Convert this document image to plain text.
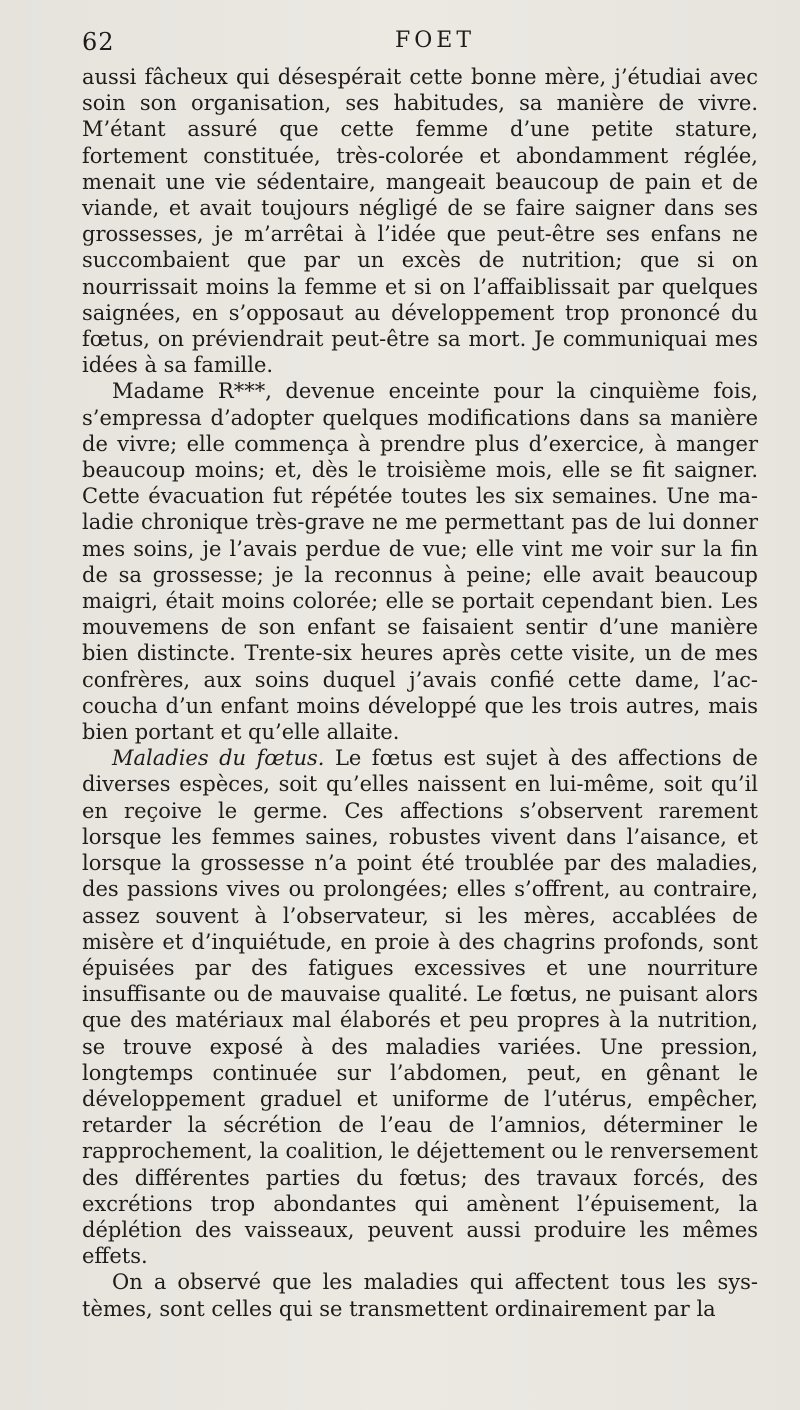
62	FOET

aussi fâcheux qui désespérait cette bonne mère, j’étudiai avec soin son organisation, ses habitudes, sa manière de vivre. M’étant assuré que cette femme d’une petite stature, fortement constituée, très-colorée et abondamment réglée, menait une vie sédentaire, mangeait beaucoup de pain et de viande, et avait toujours négligé de se faire saigner dans ses grossesses, je m’arrêtai à l’idée que peut-être ses enfans ne succombaient que par un excès de nutrition; que si on nourrissait moins la femme et si on l’affaiblissait par quelques saignées, en s’opposaut au développement trop prononcé du fœtus, on préviendrait peut-être sa mort. Je communiquai mes idées à sa famille.

Madame R***, devenue enceinte pour la cinquième fois, s’empressa d’adopter quelques modifications dans sa manière de vivre; elle commença à prendre plus d’exercice, à manger beaucoup moins; et, dès le troisième mois, elle se fit saigner. Cette évacuation fut répétée toutes les six semaines. Une maladie chronique très-grave ne me permettant pas de lui donner mes soins, je l’avais perdue de vue; elle vint me voir sur la fin de sa grossesse; je la reconnus à peine; elle avait beaucoup maigri, était moins colorée; elle se portait cependant bien. Les mouvemens de son enfant se faisaient sentir d’une manière bien distincte. Trente-six heures après cette visite, un de mes confrères, aux soins duquel j’avais confié cette dame, l’accoucha d’un enfant moins développé que les trois autres, mais bien portant et qu’elle allaite.

Maladies du fœtus. Le fœtus est sujet à des affections de diverses espèces, soit qu’elles naissent en lui-même, soit qu’il en reçoive le germe. Ces affections s’observent rarement lorsque les femmes saines, robustes vivent dans l’aisance, et lorsque la grossesse n’a point été troublée par des maladies, des passions vives ou prolongées; elles s’offrent, au contraire, assez souvent à l’observateur, si les mères, accablées de misère et d’inquiétude, en proie à des chagrins profonds, sont épuisées par des fatigues excessives et une nourriture insuffisante ou de mauvaise qualité. Le fœtus, ne puisant alors que des matériaux mal élaborés et peu propres à la nutrition, se trouve exposé à des maladies variées. Une pression, longtemps continuée sur l’abdomen, peut, en gênant le développement graduel et uniforme de l’utérus, empêcher, retarder la sécrétion de l’eau de l’amnios, déterminer le rapprochement, la coalition, le déjettement ou le renversement des différentes parties du fœtus; des travaux forcés, des excrétions trop abondantes qui amènent l’épuisement, la déplétion des vaisseaux, peuvent aussi produire les mêmes effets.

On a observé que les maladies qui affectent tous les systèmes, sont celles qui se transmettent ordinairement par la
